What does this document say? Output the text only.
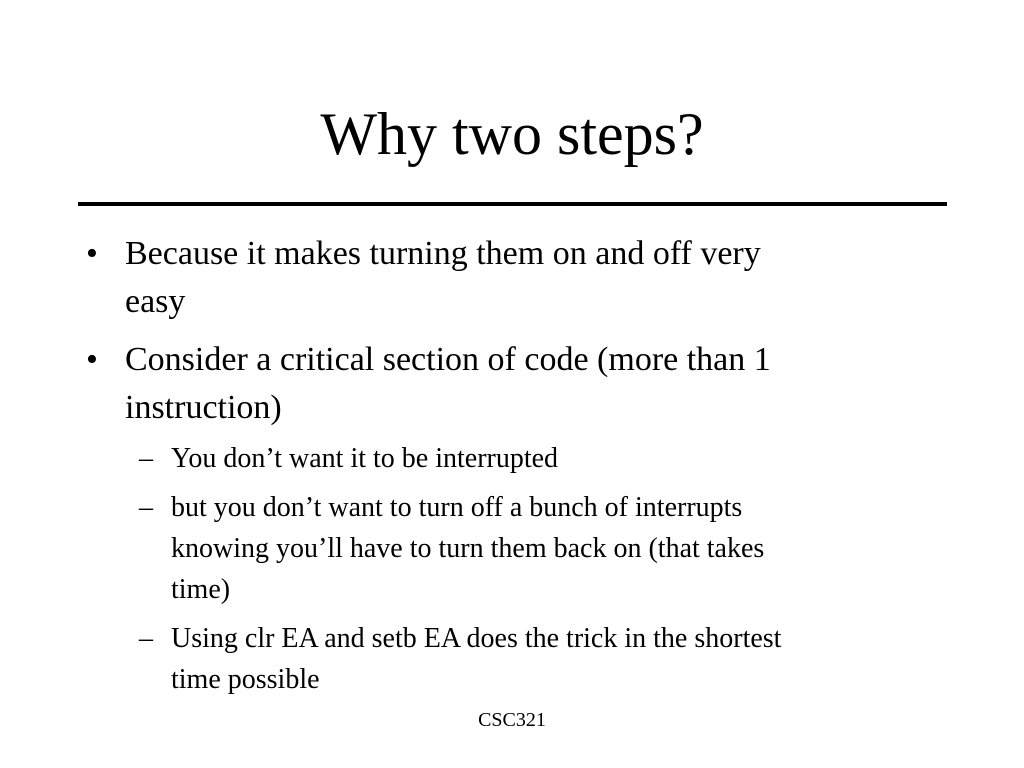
Why two steps?
• Because it makes turning them on and off very
easy
• Consider a critical section of code (more than 1
instruction)
– You don’t want it to be interrupted
– but you don’t want to turn off a bunch of interrupts
knowing you’ll have to turn them back on (that takes
time)
– Using clr EA and setb EA does the trick in the shortest
time possible
CSC321
